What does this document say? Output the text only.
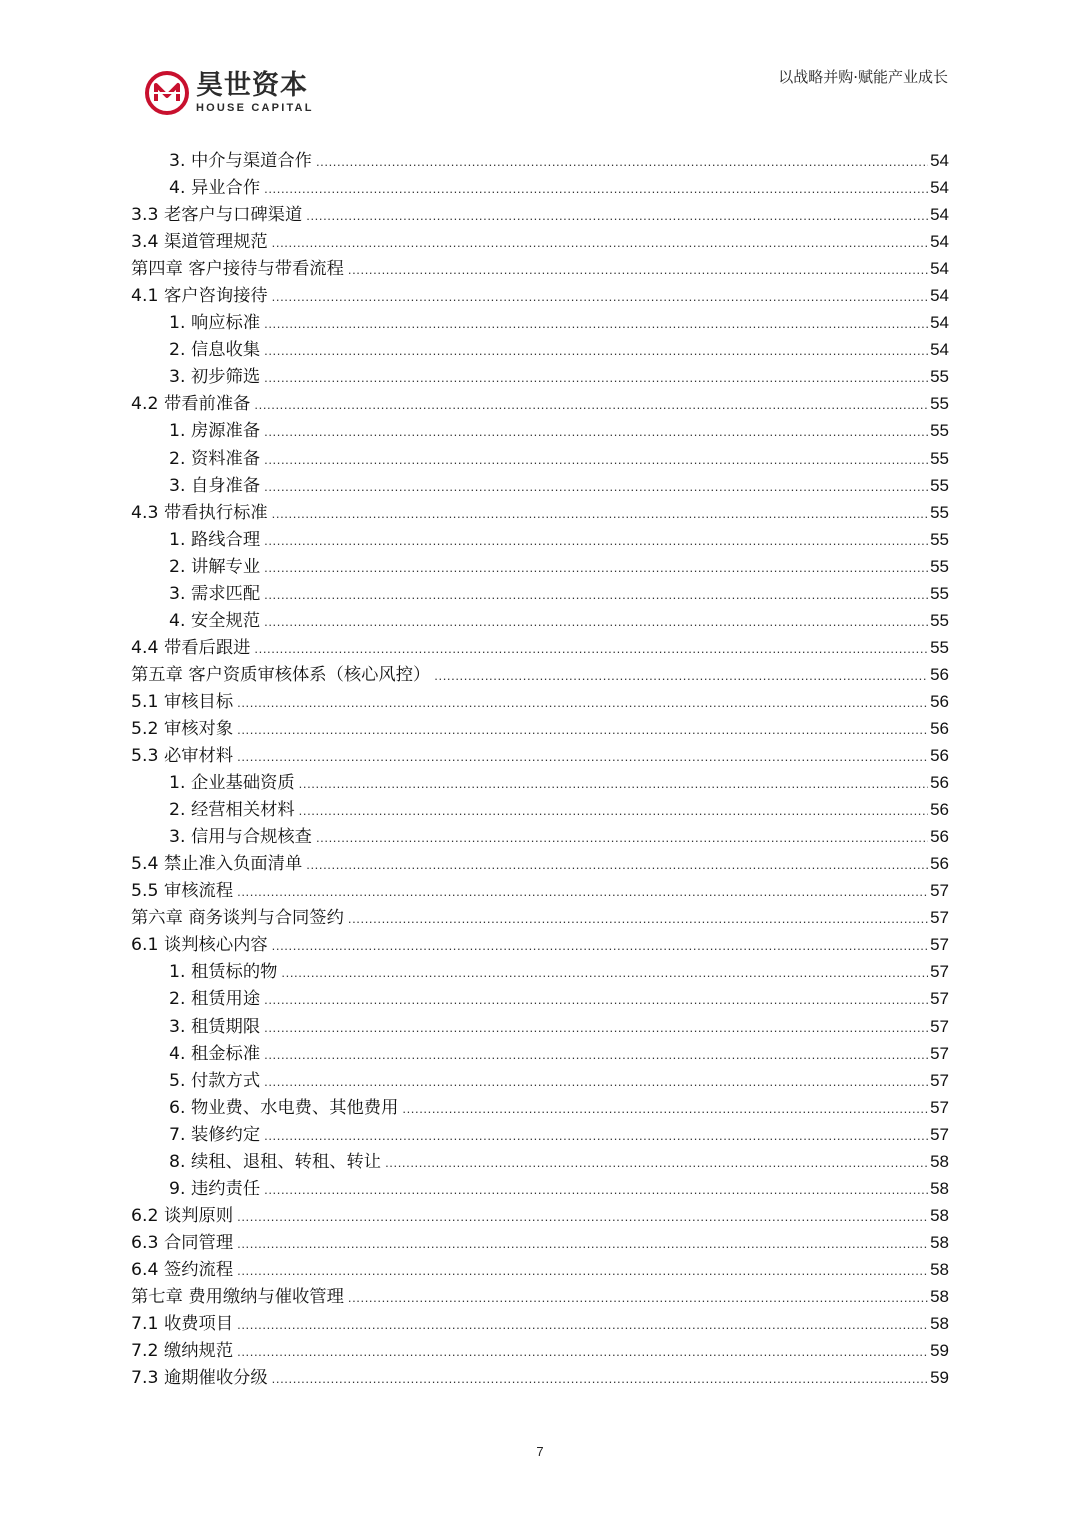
昊世资本
HOUSE CAPITAL
以战略并购·赋能产业成长
3. 中介与渠道合作 .....	54
4. 异业合作 .....	54
3.3 老客户与口碑渠道 .....	54
3.4 渠道管理规范 .....	54
第四章 客户接待与带看流程 .....	54
4.1 客户咨询接待 .....	54
1. 响应标准 .....	54
2. 信息收集 .....	54
3. 初步筛选 .....	55
4.2 带看前准备 .....	55
1. 房源准备 .....	55
2. 资料准备 .....	55
3. 自身准备 .....	55
4.3 带看执行标准 .....	55
1. 路线合理 .....	55
2. 讲解专业 .....	55
3. 需求匹配 .....	55
4. 安全规范 .....	55
4.4 带看后跟进 .....	55
第五章 客户资质审核体系（核心风控） .....	56
5.1 审核目标 .....	56
5.2 审核对象 .....	56
5.3 必审材料 .....	56
1. 企业基础资质 .....	56
2. 经营相关材料 .....	56
3. 信用与合规核查 .....	56
5.4 禁止准入负面清单 .....	56
5.5 审核流程 .....	57
第六章 商务谈判与合同签约 .....	57
6.1 谈判核心内容 .....	57
1. 租赁标的物 .....	57
2. 租赁用途 .....	57
3. 租赁期限 .....	57
4. 租金标准 .....	57
5. 付款方式 .....	57
6. 物业费、水电费、其他费用 .....	57
7. 装修约定 .....	57
8. 续租、退租、转租、转让 .....	58
9. 违约责任 .....	58
6.2 谈判原则 .....	58
6.3 合同管理 .....	58
6.4 签约流程 .....	58
第七章 费用缴纳与催收管理 .....	58
7.1 收费项目 .....	58
7.2 缴纳规范 .....	59
7.3 逾期催收分级 .....	59
7
